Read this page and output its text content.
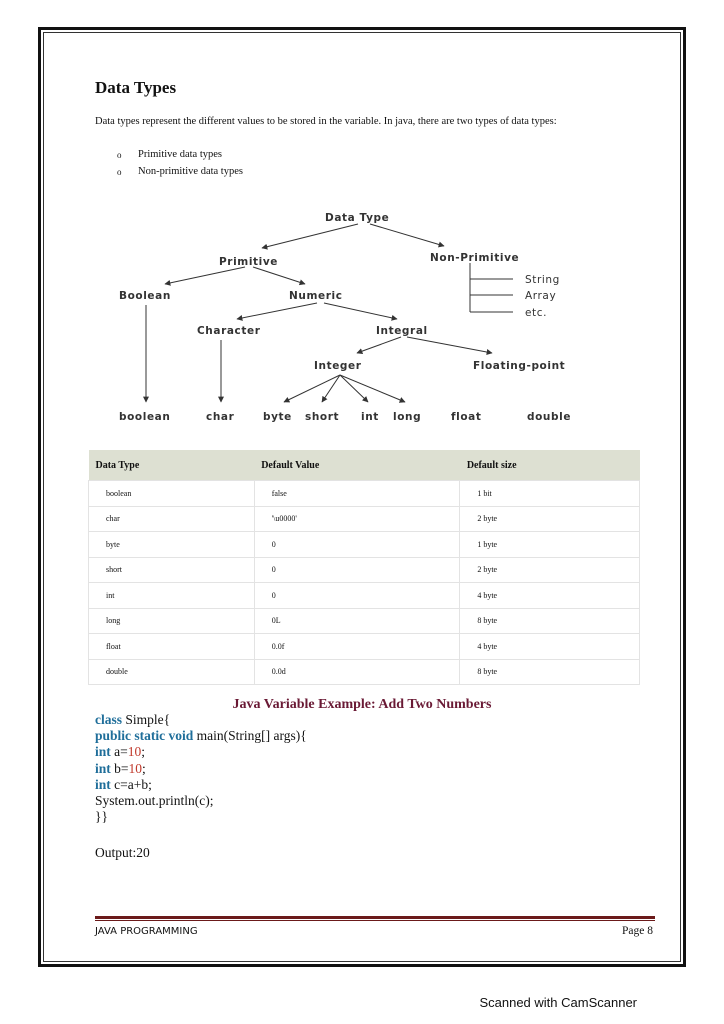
Data Types
Data types represent the different values to be stored in the variable. In java, there are two types of data types:
o	Primitive data types
o	Non-primitive data types
Data Type
Primitive	Non-Primitive
String
Array
etc.
Boolean	Numeric
Character	Integral
Integer	Floating-point
boolean	char	byte short int long	float	double
Data Type	Default Value	Default size
boolean	false	1 bit
char	'\u0000'	2 byte
byte	0	1 byte
short	0	2 byte
int	0	4 byte
long	0L	8 byte
float	0.0f	4 byte
double	0.0d	8 byte
Java Variable Example: Add Two Numbers
class Simple{
public static void main(String[] args){
int a=10;
int b=10;
int c=a+b;
System.out.println(c);
}}
Output:20
JAVA PROGRAMMING	Page 8
Scanned with CamScanner
